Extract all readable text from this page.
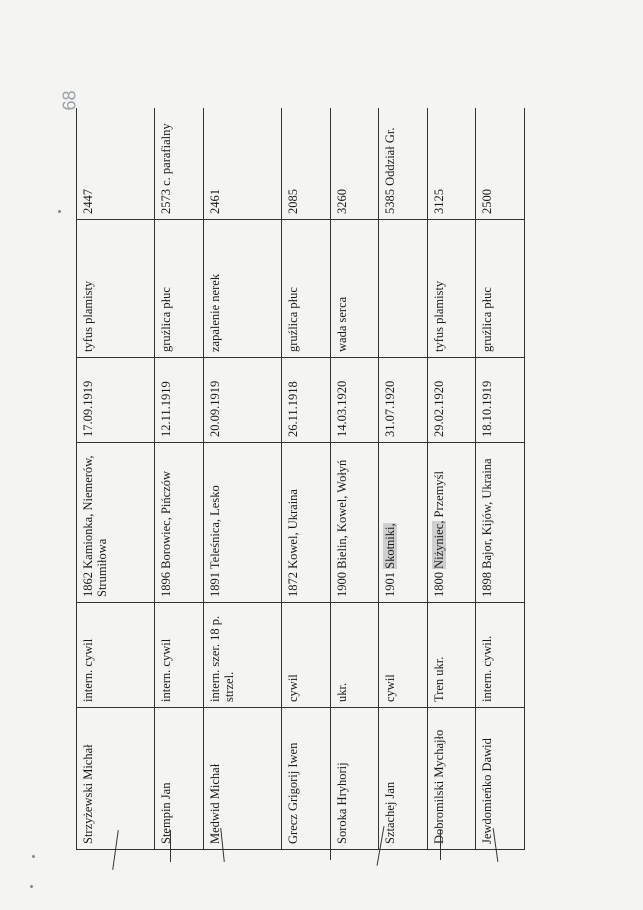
68
Strzyżewski Michał	intern. cywil	1862 Kamionka, Niemerów, Strumiłowa	17.09.1919	tyfus plamisty	2447
Stempin Jan	intern. cywil	1896 Borowiec, Pińczów	12.11.1919	gruźlica płuc	2573 c. parafialny
Medwid Michał	intern. szer. 18 p. strzel.	1891 Teleśnica, Lesko	20.09.1919	zapalenie nerek	2461
Grecz Grigorij Iwen	cywil	1872 Kowel, Ukraina	26.11.1918	gruźlica płuc	2085
Soroka Hryhorij	ukr.	1900 Bielin, Kowel, Wołyń	14.03.1920	wada serca	3260
Sztachej Jan	cywil	1901 Skotniki,	31.07.1920		5385 Oddział Gr.
Dobromilski Mychajło	Tren ukr.	1800 Niżyniec, Przemyśl	29.02.1920	tyfus plamisty	3125
Jewdomieńko Dawid	intern. cywil.	1898 Bajor, Kijów, Ukraina	18.10.1919	gruźlica płuc	2500
